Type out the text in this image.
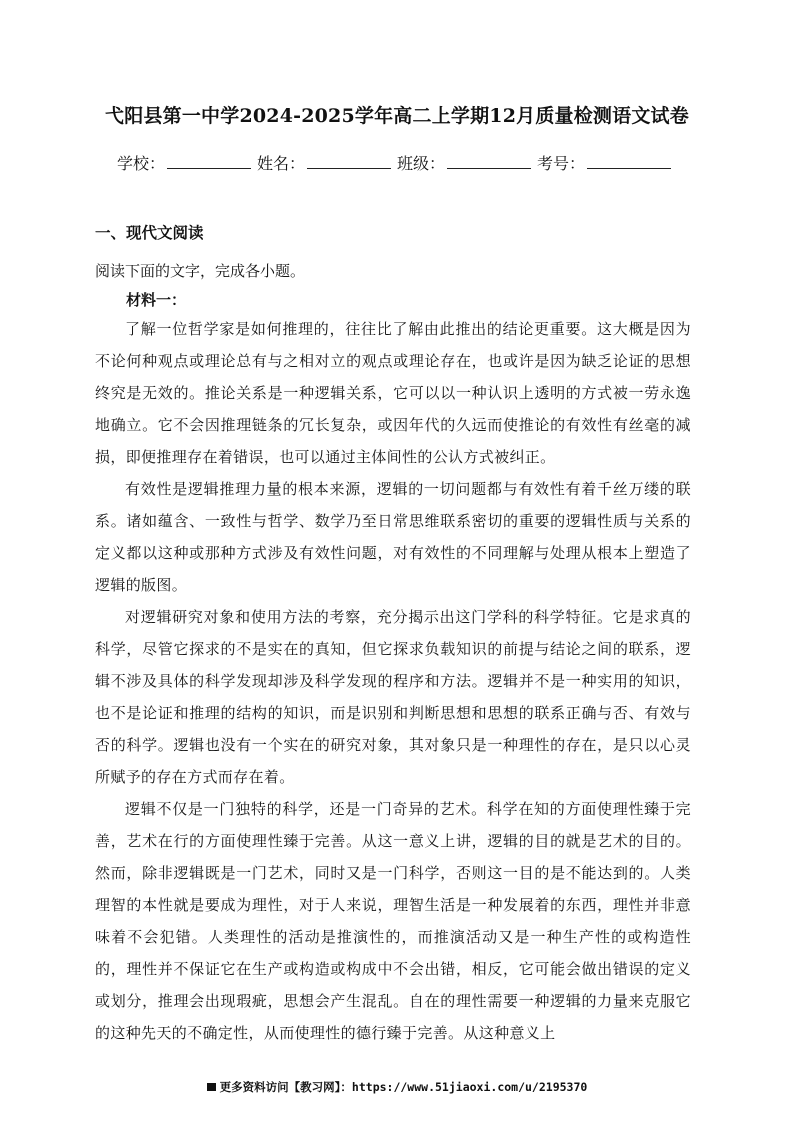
弋阳县第一中学2024-2025学年高二上学期12月质量检测语文试卷
学校：	姓名：	班级：	考号：
一、现代文阅读
阅读下面的文字，完成各小题。
材料一：

了解一位哲学家是如何推理的，往往比了解由此推出的结论更重要。这大概是因为不论何种观点或理论总有与之相对立的观点或理论存在，也或许是因为缺乏论证的思想终究是无效的。推论关系是一种逻辑关系，它可以以一种认识上透明的方式被一劳永逸地确立。它不会因推理链条的冗长复杂，或因年代的久远而使推论的有效性有丝毫的减损，即便推理存在着错误，也可以通过主体间性的公认方式被纠正。

有效性是逻辑推理力量的根本来源，逻辑的一切问题都与有效性有着千丝万缕的联系。诸如蕴含、一致性与哲学、数学乃至日常思维联系密切的重要的逻辑性质与关系的定义都以这种或那种方式涉及有效性问题，对有效性的不同理解与处理从根本上塑造了逻辑的版图。

对逻辑研究对象和使用方法的考察，充分揭示出这门学科的科学特征。它是求真的科学，尽管它探求的不是实在的真知，但它探求负载知识的前提与结论之间的联系，逻辑不涉及具体的科学发现却涉及科学发现的程序和方法。逻辑并不是一种实用的知识，也不是论证和推理的结构的知识，而是识别和判断思想和思想的联系正确与否、有效与否的科学。逻辑也没有一个实在的研究对象，其对象只是一种理性的存在，是只以心灵所赋予的存在方式而存在着。

逻辑不仅是一门独特的科学，还是一门奇异的艺术。科学在知的方面使理性臻于完善，艺术在行的方面使理性臻于完善。从这一意义上讲，逻辑的目的就是艺术的目的。然而，除非逻辑既是一门艺术，同时又是一门科学，否则这一目的是不能达到的。人类理智的本性就是要成为理性，对于人来说，理智生活是一种发展着的东西，理性并非意味着不会犯错。人类理性的活动是推演性的，而推演活动又是一种生产性的或构造性的，理性并不保证它在生产或构造或构成中不会出错，相反，它可能会做出错误的定义或划分，推理会出现瑕疵，思想会产生混乱。自在的理性需要一种逻辑的力量来克服它的这种先天的不确定性，从而使理性的德行臻于完善。从这种意义上

更多资料访问【教习网】：https://www.51jiaoxi.com/u/2195370
